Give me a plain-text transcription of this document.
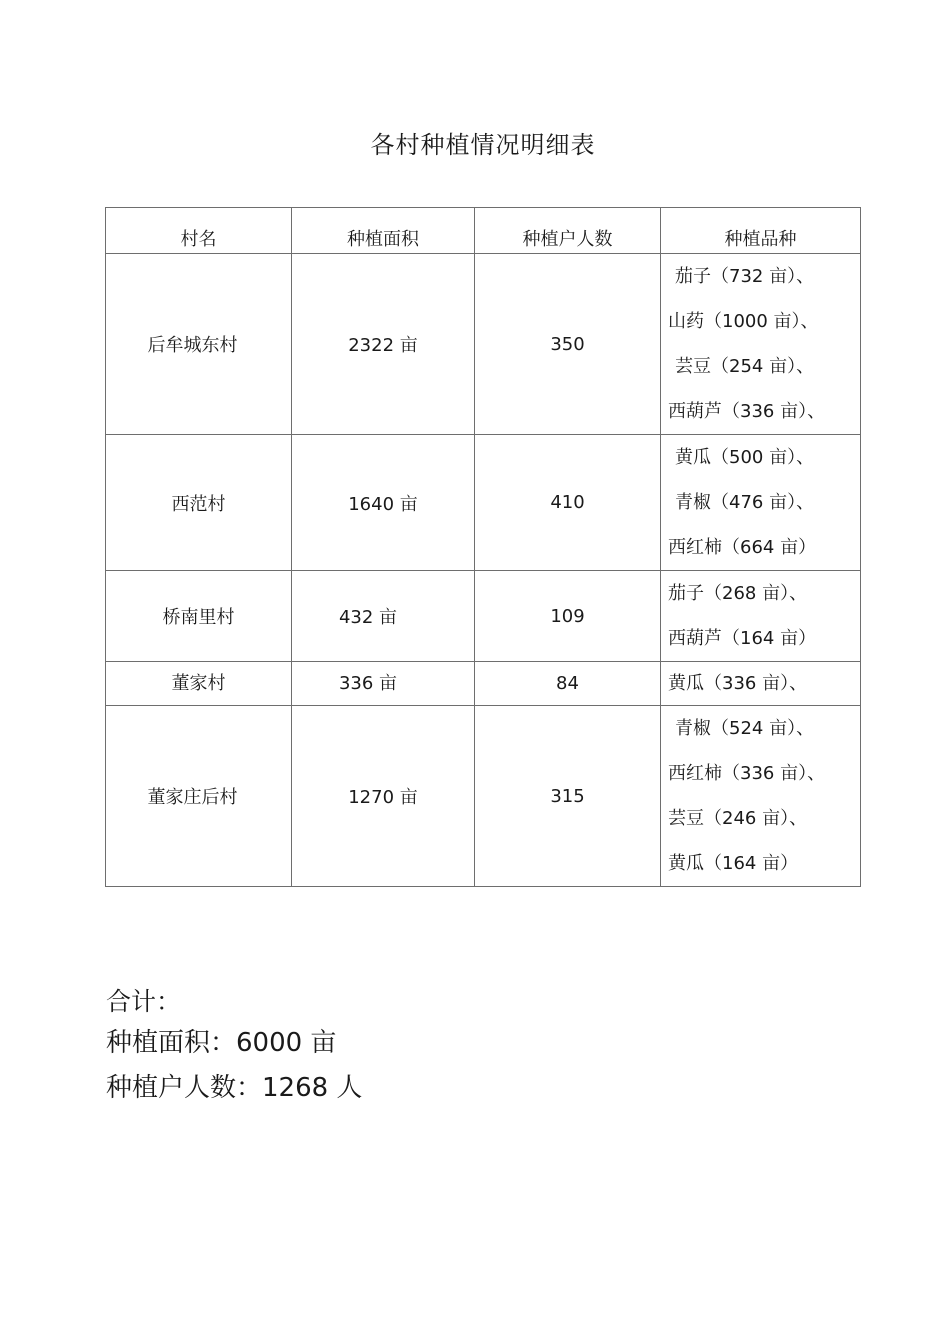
各村种植情况明细表
村名	种植面积	种植户人数	种植品种
后牟城东村	2322 亩	350	茄子（732 亩）、
山药（1000 亩）、
芸豆（254 亩）、
西葫芦（336 亩）、

西范村	1640 亩	410	黄瓜（500 亩）、
青椒（476 亩）、
西红柿（664 亩）

桥南里村	432 亩	109	茄子（268 亩）、
西葫芦（164 亩）

董家村	336 亩	84	黄瓜（336 亩）、

董家庄后村	1270 亩	315	青椒（524 亩）、
西红柿（336 亩）、
芸豆（246 亩）、
黄瓜（164 亩）
合计：
种植面积：6000 亩
种植户人数：1268 人
